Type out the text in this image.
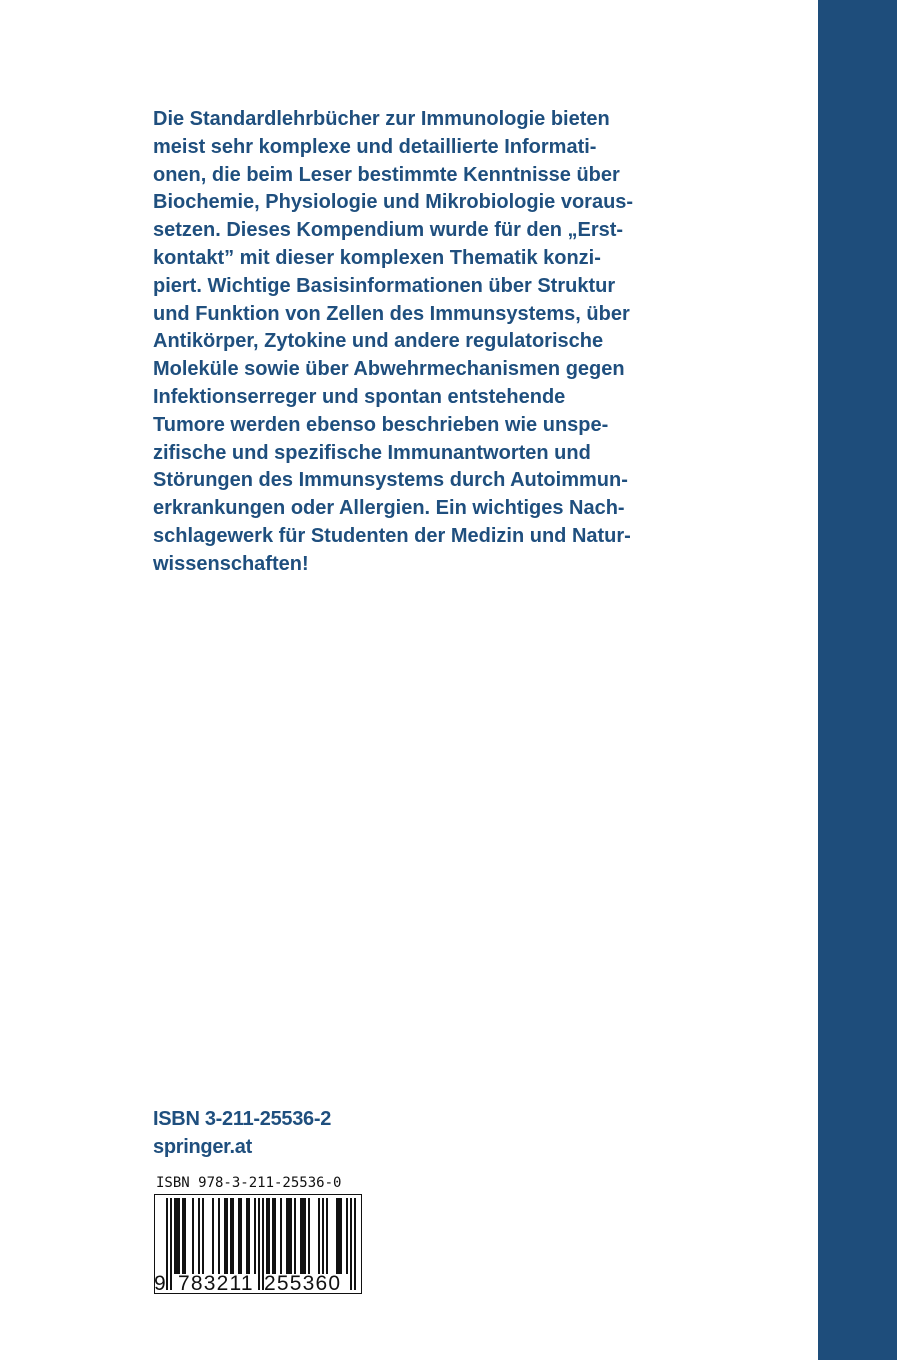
Die Standardlehrbücher zur Immunologie bieten
meist sehr komplexe und detaillierte Informati-
onen, die beim Leser bestimmte Kenntnisse über
Biochemie, Physiologie und Mikrobiologie voraus-
setzen. Dieses Kompendium wurde für den „Erst-
kontakt” mit dieser komplexen Thematik konzi-
piert. Wichtige Basisinformationen über Struktur
und Funktion von Zellen des Immunsystems, über
Antikörper, Zytokine und andere regulatorische
Moleküle sowie über Abwehrmechanismen gegen
Infektionserreger und spontan entstehende
Tumore werden ebenso beschrieben wie unspe-
zifische und spezifische Immunantworten und
Störungen des Immunsystems durch Autoimmun-
erkrankungen oder Allergien. Ein wichtiges Nach-
schlagewerk für Studenten der Medizin und Natur-
wissenschaften!
ISBN 3-211-25536-2
springer.at
ISBN 978-3-211-25536-0
9 783211 255360
